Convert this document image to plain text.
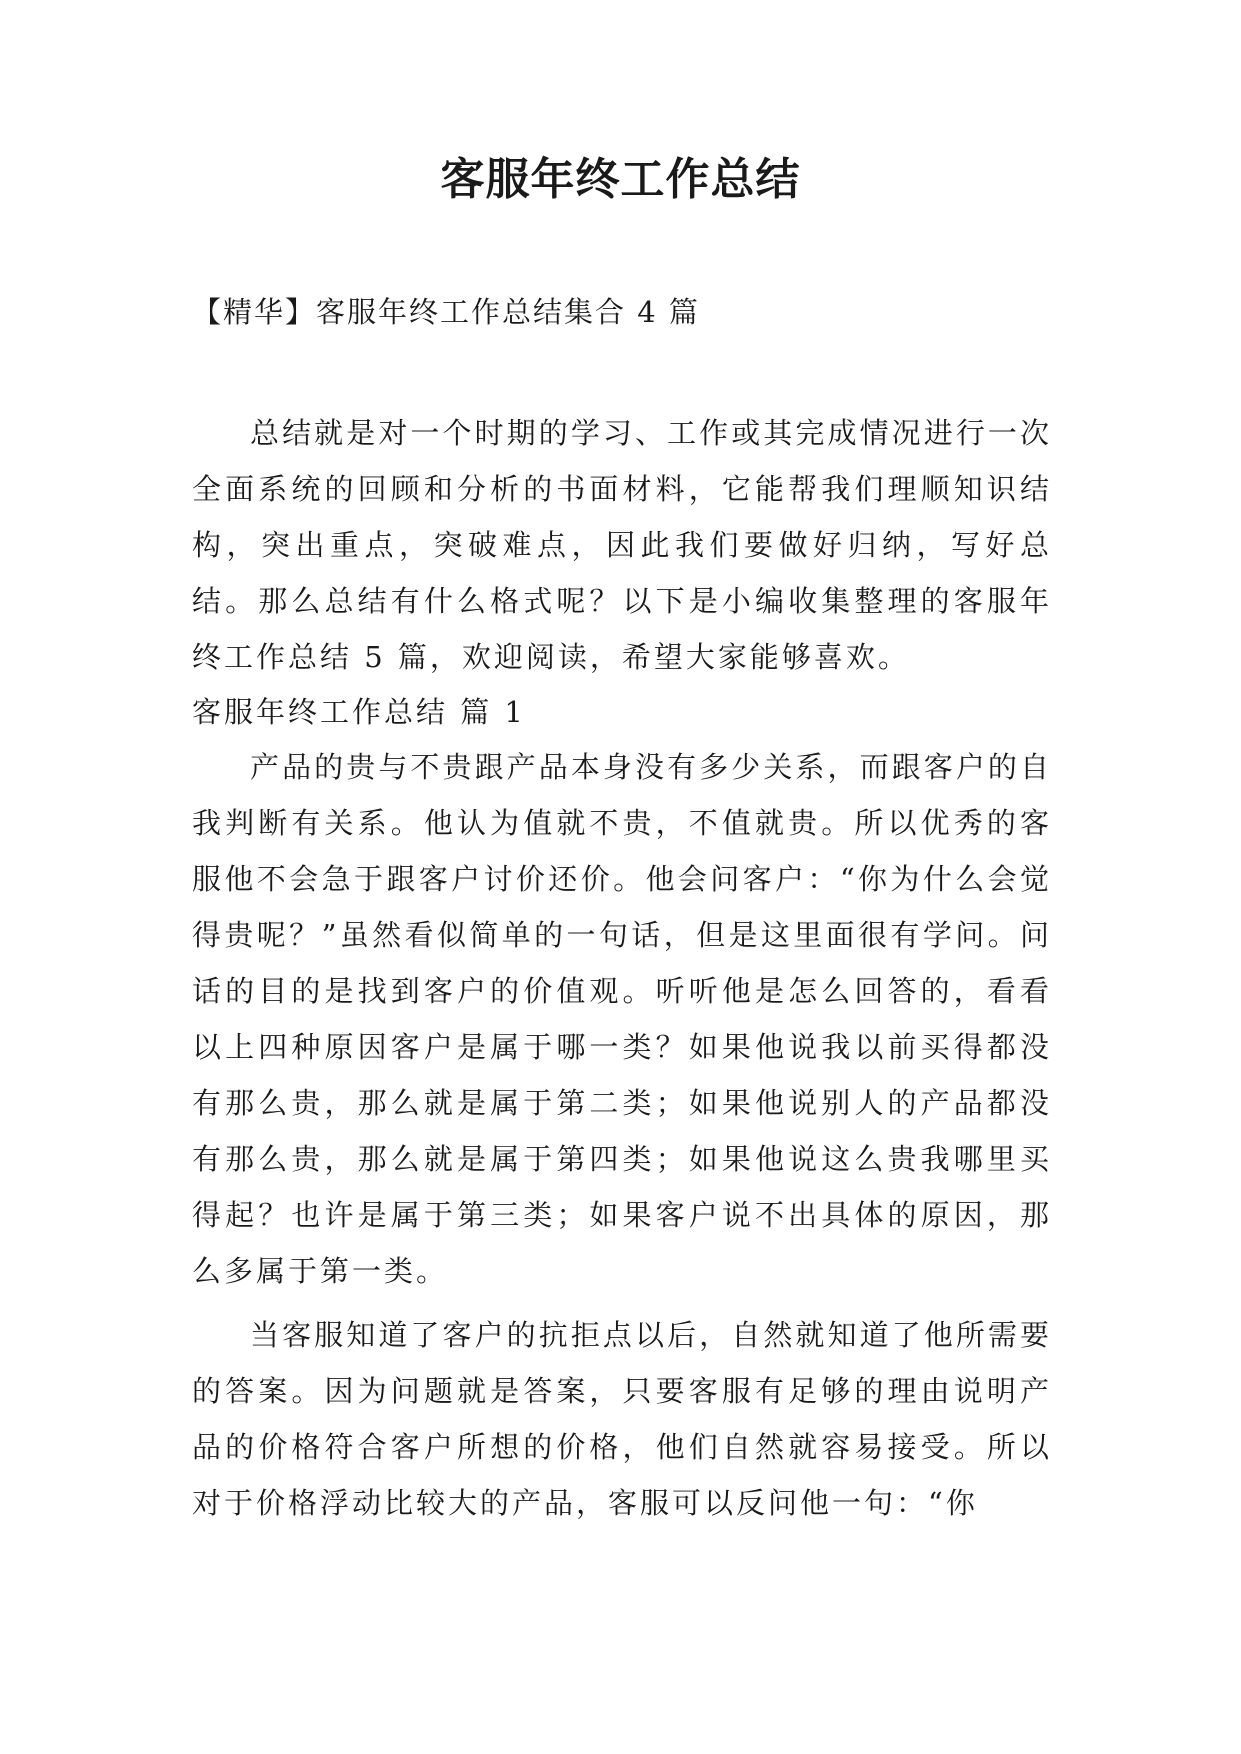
客服年终工作总结
【精华】客服年终工作总结集合 4 篇

总结就是对一个时期的学习、工作或其完成情况进行一次全面系统的回顾和分析的书面材料，它能帮我们理顺知识结构，突出重点，突破难点，因此我们要做好归纳，写好总结。那么总结有什么格式呢？以下是小编收集整理的客服年终工作总结 5 篇，欢迎阅读，希望大家能够喜欢。

客服年终工作总结 篇 1

产品的贵与不贵跟产品本身没有多少关系，而跟客户的自我判断有关系。他认为值就不贵，不值就贵。所以优秀的客服他不会急于跟客户讨价还价。他会问客户：“你为什么会觉得贵呢？”虽然看似简单的一句话，但是这里面很有学问。问话的目的是找到客户的价值观。听听他是怎么回答的，看看以上四种原因客户是属于哪一类？如果他说我以前买得都没有那么贵，那么就是属于第二类；如果他说别人的产品都没有那么贵，那么就是属于第四类；如果他说这么贵我哪里买得起？也许是属于第三类；如果客户说不出具体的原因，那么多属于第一类。

当客服知道了客户的抗拒点以后，自然就知道了他所需要的答案。因为问题就是答案，只要客服有足够的理由说明产品的价格符合客户所想的价格，他们自然就容易接受。所以对于价格浮动比较大的产品，客服可以反问他一句：“你
